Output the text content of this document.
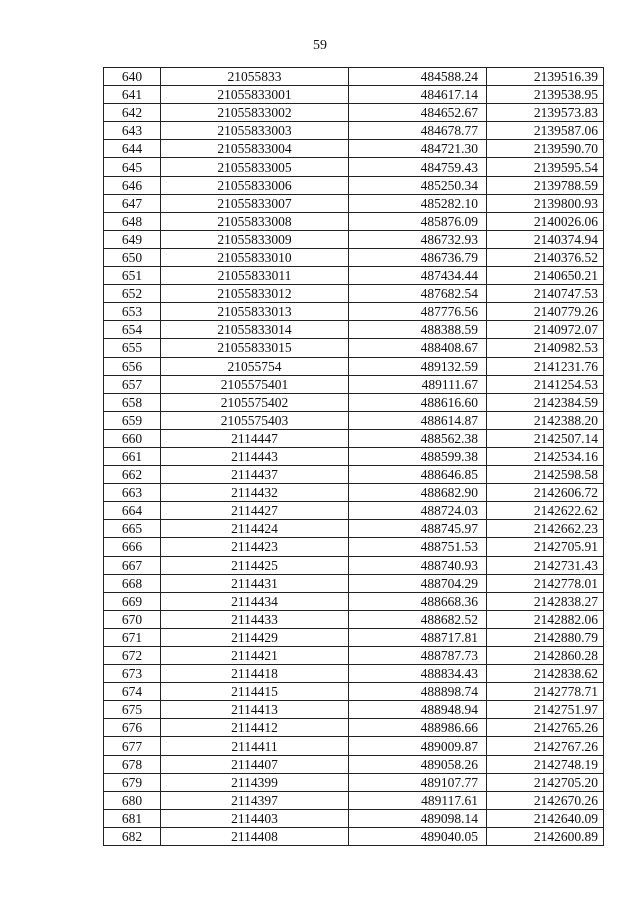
59
640	21055833	484588.24	2139516.39
641	21055833001	484617.14	2139538.95
642	21055833002	484652.67	2139573.83
643	21055833003	484678.77	2139587.06
644	21055833004	484721.30	2139590.70
645	21055833005	484759.43	2139595.54
646	21055833006	485250.34	2139788.59
647	21055833007	485282.10	2139800.93
648	21055833008	485876.09	2140026.06
649	21055833009	486732.93	2140374.94
650	21055833010	486736.79	2140376.52
651	21055833011	487434.44	2140650.21
652	21055833012	487682.54	2140747.53
653	21055833013	487776.56	2140779.26
654	21055833014	488388.59	2140972.07
655	21055833015	488408.67	2140982.53
656	21055754	489132.59	2141231.76
657	2105575401	489111.67	2141254.53
658	2105575402	488616.60	2142384.59
659	2105575403	488614.87	2142388.20
660	2114447	488562.38	2142507.14
661	2114443	488599.38	2142534.16
662	2114437	488646.85	2142598.58
663	2114432	488682.90	2142606.72
664	2114427	488724.03	2142622.62
665	2114424	488745.97	2142662.23
666	2114423	488751.53	2142705.91
667	2114425	488740.93	2142731.43
668	2114431	488704.29	2142778.01
669	2114434	488668.36	2142838.27
670	2114433	488682.52	2142882.06
671	2114429	488717.81	2142880.79
672	2114421	488787.73	2142860.28
673	2114418	488834.43	2142838.62
674	2114415	488898.74	2142778.71
675	2114413	488948.94	2142751.97
676	2114412	488986.66	2142765.26
677	2114411	489009.87	2142767.26
678	2114407	489058.26	2142748.19
679	2114399	489107.77	2142705.20
680	2114397	489117.61	2142670.26
681	2114403	489098.14	2142640.09
682	2114408	489040.05	2142600.89
